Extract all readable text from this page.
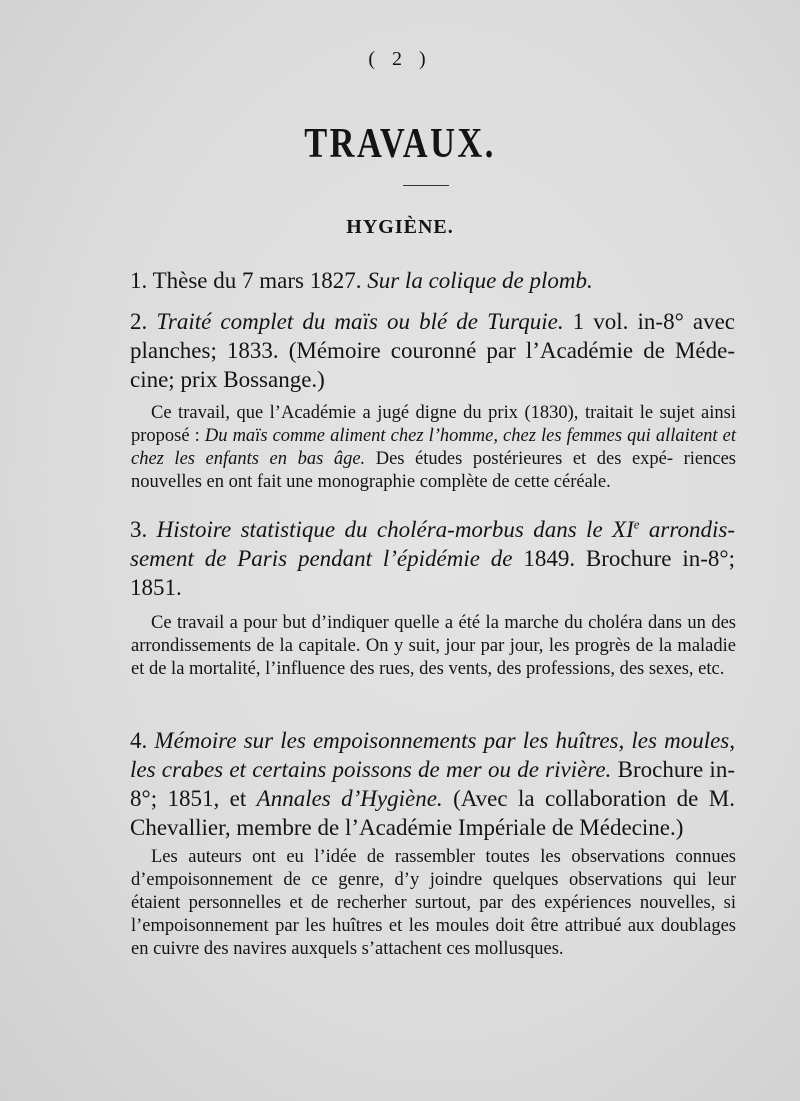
( 2 )
TRAVAUX.
HYGIÈNE.
1. Thèse du 7 mars 1827. Sur la colique de plomb.
2. Traité complet du maïs ou blé de Turquie. 1 vol. in-8° avec planches; 1833. (Mémoire couronné par l’Académie de Méde- cine; prix Bossange.)
Ce travail, que l’Académie a jugé digne du prix (1830), traitait le sujet ainsi proposé : Du maïs comme aliment chez l’homme, chez les femmes qui allaitent et chez les enfants en bas âge. Des études postérieures et des expé- riences nouvelles en ont fait une monographie complète de cette céréale.
3. Histoire statistique du choléra-morbus dans le XIe arrondis- sement de Paris pendant l’épidémie de 1849. Brochure in-8°; 1851.
Ce travail a pour but d’indiquer quelle a été la marche du choléra dans un des arrondissements de la capitale. On y suit, jour par jour, les progrès de la maladie et de la mortalité, l’influence des rues, des vents, des professions, des sexes, etc.
4. Mémoire sur les empoisonnements par les huîtres, les moules, les crabes et certains poissons de mer ou de rivière. Brochure in-8°; 1851, et Annales d’Hygiène. (Avec la collaboration de M. Chevallier, membre de l’Académie Impériale de Médecine.)
Les auteurs ont eu l’idée de rassembler toutes les observations connues d’empoisonnement de ce genre, d’y joindre quelques observations qui leur étaient personnelles et de recherher surtout, par des expériences nouvelles, si l’empoisonnement par les huîtres et les moules doit être attribué aux doublages en cuivre des navires auxquels s’attachent ces mollusques.
